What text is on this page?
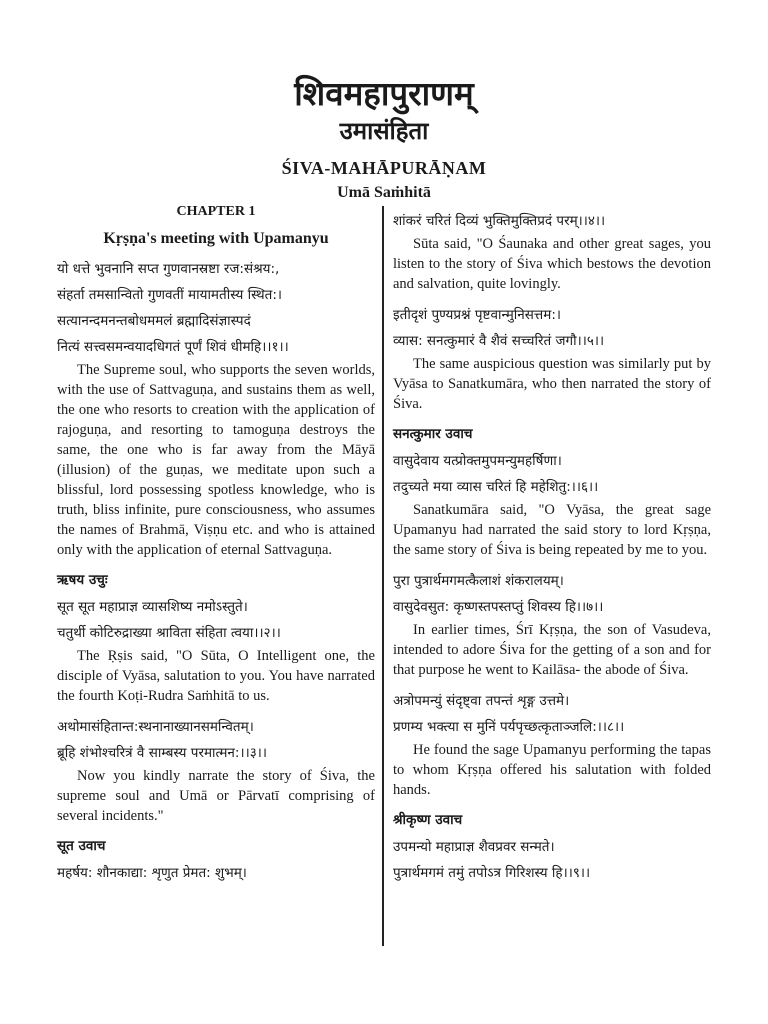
शिवमहापुराणम्
उमासंहिता
ŚIVA-MAHĀPURĀṆAM
Umā Saṁhitā

CHAPTER 1

Kṛṣṇa's meeting with Upamanyu

यो धत्ते भुवनानि सप्त गुणवानस्रष्टा रज:संश्रय:,

संहर्ता तमसान्वितो गुणवतीं मायामतीस्य स्थित:।

सत्यानन्दमनन्तबोधममलं ब्रह्मादिसंज्ञास्पदं

नित्यं सत्त्वसमन्वयादधिगतं पूर्णं शिवं धीमहि।।१।।

The Supreme soul, who supports the seven worlds, with the use of Sattvaguṇa, and sustains them as well, the one who resorts to creation with the application of rajoguṇa, and resorting to tamoguṇa destroys the same, the one who is far away from the Māyā (illusion) of the guṇas, we meditate upon such a blissful, lord possessing spotless knowledge, who is truth, bliss infinite, pure consciousness, who assumes the names of Brahmā, Viṣṇu etc. and who is attained only with the application of eternal Sattvaguṇa.

ऋषय उचुः

सूत सूत महाप्राज्ञ व्यासशिष्य नमोऽस्तुते।

चतुर्थी कोटिरुद्राख्या श्राविता संहिता त्वया।।२।।

The Ṛṣis said, "O Sūta, O Intelligent one, the disciple of Vyāsa, salutation to you. You have narrated the fourth Koṭi-Rudra Saṁhitā to us.

अथोमासंहितान्त:स्थनानाख्यानसमन्वितम्।

ब्रूहि शंभोश्चरित्रं वै साम्बस्य परमात्मन:।।३।।

Now you kindly narrate the story of Śiva, the supreme soul and Umā or Pārvatī comprising of several incidents."

सूत उवाच

महर्षय: शौनकाद्या: शृणुत प्रेमत: शुभम्।

शांकरं चरितं दिव्यं भुक्तिमुक्तिप्रदं परम्।।४।।

Sūta said, "O Śaunaka and other great sages, you listen to the story of Śiva which bestows the devotion and salvation, quite lovingly.

इतीदृशं पुण्यप्रश्नं पृष्टवान्मुनिसत्तम:।

व्यास: सनत्कुमारं वै शैवं सच्चरितं जगौ।।५।।

The same auspicious question was similarly put by Vyāsa to Sanatkumāra, who then narrated the story of Śiva.

सनत्कुमार उवाच

वासुदेवाय यत्प्रोक्तमुपमन्युमहर्षिणा।

तदुच्यते मया व्यास चरितं हि महेशितु:।।६।।

Sanatkumāra said, "O Vyāsa, the great sage Upamanyu had narrated the said story to lord Kṛṣṇa, the same story of Śiva is being repeated by me to you.

पुरा पुत्रार्थमगमत्कैलाशं शंकरालयम्।

वासुदेवसुत: कृष्णस्तपस्तप्तुं शिवस्य हि।।७।।

In earlier times, Śrī Kṛṣṇa, the son of Vasudeva, intended to adore Śiva for the getting of a son and for that purpose he went to Kailāsa- the abode of Śiva.

अत्रोपमन्युं संदृष्ट्वा तपन्तं शृङ्ग उत्तमे।

प्रणम्य भक्त्या स मुनिं पर्यपृच्छत्कृताञ्जलि:।।८।।

He found the sage Upamanyu performing the tapas to whom Kṛṣṇa offered his salutation with folded hands.

श्रीकृष्ण उवाच

उपमन्यो महाप्राज्ञ शैवप्रवर सन्मते।

पुत्रार्थमगमं तमुं तपोऽत्र गिरिशस्य हि।।९।।
